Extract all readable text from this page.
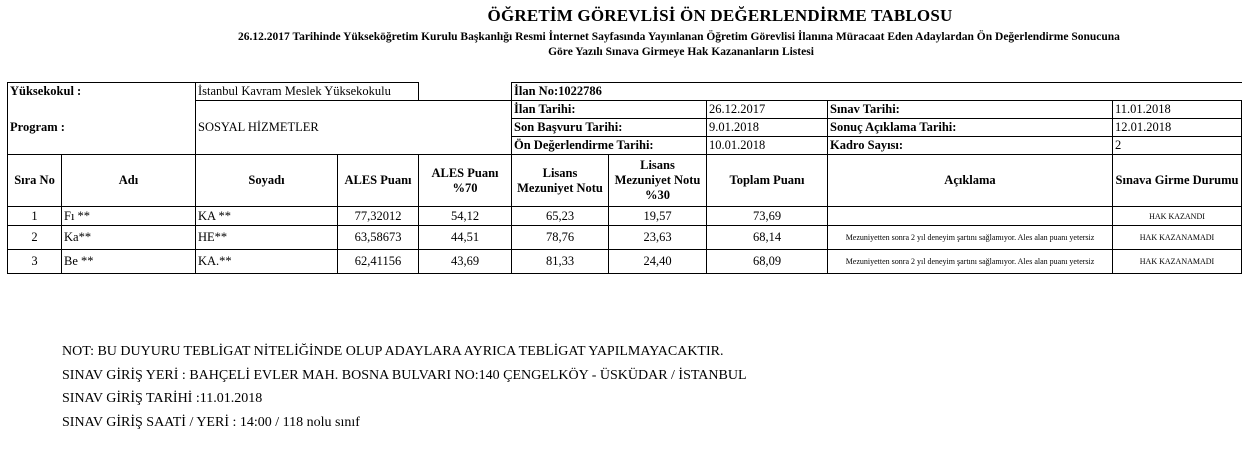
ÖĞRETİM GÖREVLİSİ ÖN DEĞERLENDİRME TABLOSU
26.12.2017 Tarihinde Yükseköğretim Kurulu Başkanlığı Resmi İnternet Sayfasında Yayınlanan Öğretim Görevlisi İlanına Müracaat Eden Adaylardan Ön Değerlendirme Sonucuna
Göre Yazılı Sınava Girmeye Hak Kazananların Listesi
Yüksekokul :		İstanbul Kavram Meslek Yüksekokulu			İlan No:1022786				
Program :		SOSYAL HİZMETLER			İlan Tarihi:		26.12.2017	Sınav Tarihi:	11.01.2018
					Son Başvuru Tarihi:		9.01.2018	Sonuç Açıklama Tarihi:	12.01.2018
					Ön Değerlendirme Tarihi:		10.01.2018	Kadro Sayısı:	2
Sıra No	Adı	Soyadı	ALES Puanı	ALES Puanı %70	Lisans Mezuniyet Notu	Lisans Mezuniyet Notu %30	Toplam Puanı	Açıklama	Sınava Girme Durumu
1	Fı **	KA **	77,32012	54,12	65,23	19,57	73,69		HAK KAZANDI
2	Ka**	HE**	63,58673	44,51	78,76	23,63	68,14	Mezuniyetten sonra 2 yıl deneyim şartını sağlamıyor. Ales alan puanı yetersiz	HAK KAZANAMADI
3	Be **	KA.**	62,41156	43,69	81,33	24,40	68,09	Mezuniyetten sonra 2 yıl deneyim şartını sağlamıyor. Ales alan puanı yetersiz	HAK KAZANAMADI
NOT: BU DUYURU TEBLİGAT NİTELİĞİNDE OLUP ADAYLARA AYRICA TEBLİGAT YAPILMAYACAKTIR.
SINAV GİRİŞ YERİ : BAHÇELİ EVLER MAH. BOSNA BULVARI NO:140 ÇENGELKÖY - ÜSKÜDAR / İSTANBUL
SINAV GİRİŞ TARİHİ :11.01.2018
SINAV GİRİŞ SAATİ / YERİ : 14:00 / 118 nolu sınıf
